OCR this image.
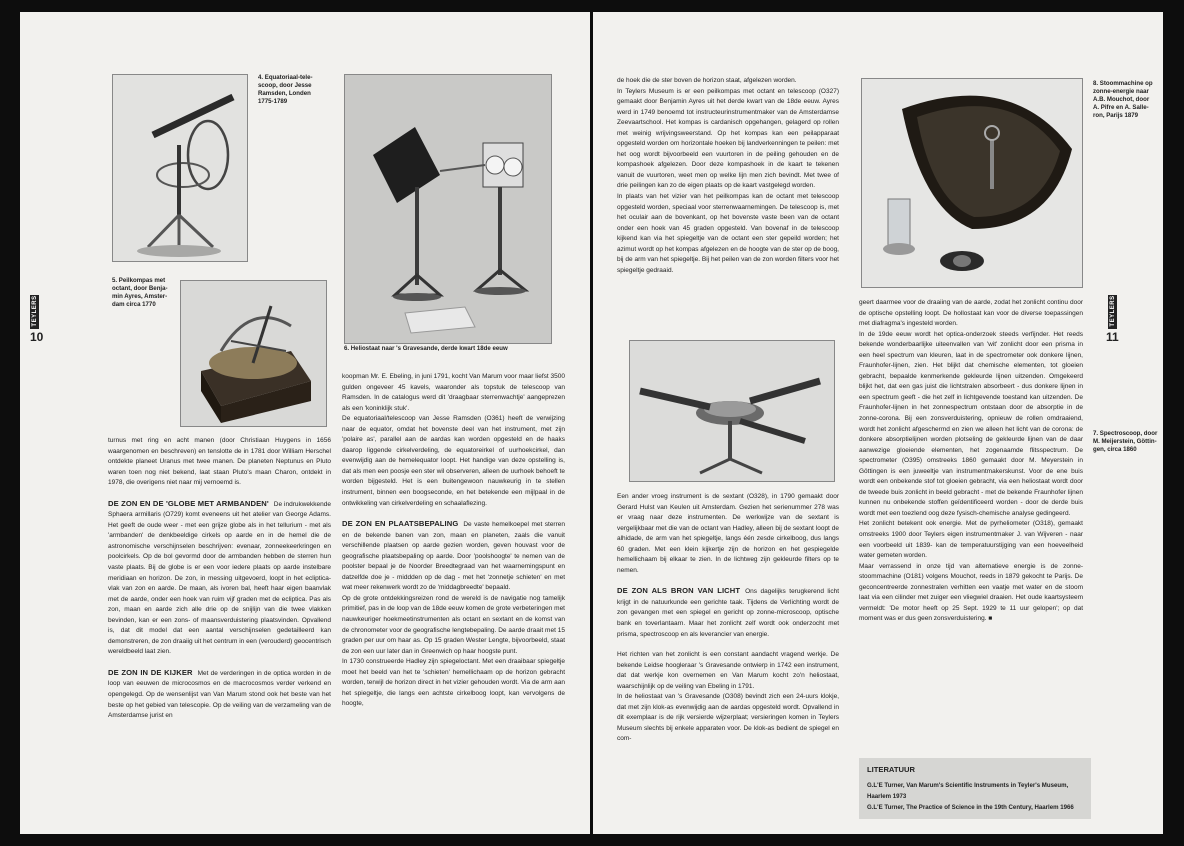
4. Equatoriaal-tele-
scoop, door Jesse
Ramsden, Londen
1775-1789
5. Peilkompas met
octant, door Benja-
min Ayres, Amster-
dam circa 1770
6. Heliostaat naar 's Gravesande, derde kwart 18de eeuw
TEYLERS
10

turnus met ring en acht manen (door Christiaan Huygens in 1656 waargenomen en beschreven) en tenslotte de in 1781 door William Herschel ontdekte planeet Uranus met twee manen. De planeten Neptunus en Pluto waren toen nog niet bekend, laat staan Pluto's maan Charon, ontdekt in 1978, die overigens niet naar mij vernoemd is.

DE ZON EN DE 'GLOBE MET ARMBANDEN' De indrukwekkende Sphaera armillaris (O729) komt eveneens uit het atelier van George Adams. Het geeft de oude weer - met een grijze globe als in het tellurium - met als 'armbanden' de denkbeeldige cirkels op aarde en in de hemel die de astronomische verschijnselen beschrijven: evenaar, zonneekeerkringen en poolcirkels. Op de bol gevormd door de armbanden hebben de sterren hun vaste plaats. Bij de globe is er een voor iedere plaats op aarde instelbare meridiaan en horizon. De zon, in messing uitgevoerd, loopt in het ecliptica-vlak van zon en aarde. De maan, als ivoren bal, heeft haar eigen baanvlak met de aarde, onder een hoek van ruim vijf graden met de ecliptica. Pas als zon, maan en aarde zich alle drie op de snijlijn van die twee vlakken bevinden, kan er een zons- of maansverduistering plaatsvinden. Opvallend is, dat dit model dat een aantal verschijnselen gedetailleerd kan demonstreren, de zon draaiig uit het centrum in een (verouderd) geocentrisch wereldbeeld laat zien.

DE ZON IN DE KIJKER Met de verderingen in de optica worden in de loop van eeuwen de microcosmos en de macrocosmos verder verkend en opengelegd. Op de wensenlijst van Van Marum stond ook het beste van het beste op het gebied van telescopie. Op de veiling van de verzameling van de Amsterdamse jurist en

koopman Mr. E. Ebeling, in juni 1791, kocht Van Marum voor maar liefst 3500 gulden ongeveer 45 kavels, waaronder als topstuk de telescoop van Ramsden. In de catalogus werd dit 'draagbaar sterrenwachtje' aangeprezen als een 'koninklijk stuk'.

De equatoriaal/telescoop van Jesse Ramsden (O361) heeft de verwijzing naar de equator, omdat het bovenste deel van het instrument, met zijn 'polaire as', parallel aan de aardas kan worden opgesteld en de haaks daarop liggende cirkelverdeling, de equatoreirkel of uurhoekcirkel, dan evenwijdig aan de hemelequator loopt. Het handige van deze opstelling is, dat als men een poosje een ster wil observeren, alleen de uurhoek behoeft te worden bijgesteld. Het is een buitengewoon nauwkeurig in te stellen instrument, binnen een boogseconde, en het betekende een mijlpaal in de ontwikkeling van cirkelverdeling en schaalaflezing.

DE ZON EN PLAATSBEPALING De vaste hemelkoepel met sterren en de bekende banen van zon, maan en planeten, zaals die vanuit verschillende plaatsen op aarde gezien worden, geven houvast voor de geografische plaatsbepaling op aarde. Door 'poolshoogte' te nemen van de poolster bepaal je de Noorder Breedtegraad van het waarnemingspunt en datzelfde doe je - middden op de dag - met het 'zonnetje schieten' en met wat meer rekenwerk wordt zo de 'middagbreedte' bepaald.

Op de grote ontdekkingsreizen rond de wereld is de navigatie nog tamelijk primitief, pas in de loop van de 18de eeuw komen de grote verbeteringen met nauwkeuriger hoekmeetinstrumenten als octant en sextant en de komst van de chronometer voor de geografische lengtebepaling. De aarde draait met 15 graden per uur om haar as. Op 15 graden Wester Lengte, bijvoorbeeld, staat de zon een uur later dan in Greenwich op haar hoogste punt.

In 1730 construeerde Hadley zijn spiegeloctant. Met een draaibaar spiegeltje moet het beeld van het te 'schieten' hemellichaam op de horizon gebracht worden, terwijl de horizon direct in het vizier gehouden wordt. Via de arm aan het spiegeltje, die langs een achtste cirkelboog loopt, kan vervolgens de hoogte,

de hoek die de ster boven de horizon staat, afgelezen worden.

In Teylers Museum is er een peilkompas met octant en telescoop (O327) gemaakt door Benjamin Ayres uit het derde kwart van de 18de eeuw. Ayres werd in 1749 benoemd tot instructeurinstrumentmaker van de Amsterdamse Zeevaartschool. Het kompas is cardanisch opgehangen, gelagerd op rollen met weinig wrijvingsweerstand. Op het kompas kan een peilapparaat opgesteld worden om horizontale hoeken bij landverkenningen te peilen: met het oog wordt bijvoorbeeld een vuurtoren in de peiling gehouden en de kompashoek afgelezen. Door deze kompashoek in de kaart te tekenen vanuit de vuurtoren, weet men op welke lijn men zich bevindt. Met twee of drie peilingen kan zo de eigen plaats op de kaart vastgelegd worden.

In plaats van het vizier van het peilkompas kan de octant met telescoop opgesteld worden, speciaal voor sterrenwaarnemingen. De telescoop is, met het oculair aan de bovenkant, op het bovenste vaste been van de octant onder een hoek van 45 graden opgesteld. Van bovenaf in de telescoop kijkend kan via het spiegeltje van de octant een ster gepeild worden; het azimut wordt op het kompas afgelezen en de hoogte van de ster op de boog, bij de arm van het spiegeltje. Bij het peilen van de zon worden filters voor het spiegeltje gedraaid.

Een ander vroeg instrument is de sextant (O328), in 1790 gemaakt door Gerard Hulst van Keulen uit Amsterdam. Gezien het serienummer 278 was er vraag naar deze instrumenten. De werkwijze van de sextant is vergelijkbaar met die van de octant van Hadley, alleen bij de sextant loopt de alhidade, de arm van het spiegeltje, langs één zesde cirkelboog, dus langs 60 graden. Met een klein kijkertje zijn de horizon en het gespiegelde hemellichaam bij elkaar te zien. In de lichtweg zijn gekleurde filters op te nemen.

DE ZON ALS BRON VAN LICHT Ons dagelijks terugkerend licht krijgt in de natuurkunde een gerichte taak. Tijdens de Verlichting wordt de zon gevangen met een spiegel en gericht op zonne-microscoop, optische bank en toverlantaarn. Maar het zonlicht zelf wordt ook onderzocht met prisma, spectroscoop en als leverancier van energie.

Het richten van het zonlicht is een constant aandacht vragend werkje. De bekende Leidse hoogleraar 's Gravesande ontwierp in 1742 een instrument, dat dat werkje kon overnemen en Van Marum kocht zo'n heliostaat, waarschijnlijk op de veiling van Ebeling in 1791.

In de heliostaat van 's Gravesande (O308) bevindt zich een 24-uurs klokje, dat met zijn klok-as evenwijdig aan de aardas opgesteld wordt. Opvallend in dit exemplaar is de rijk versierde wijzerplaat; versieringen komen in Teylers Museum slechts bij enkele apparaten voor. De klok-as bedient de spiegel en com-

8. Stoommachine op
zonne-energie naar
A.B. Mouchot, door
A. Pifre en A. Salle-
ron, Parijs 1879
TEYLERS
11
7. Spectroscoop, door
M. Meijerstein, Göttin-
gen, circa 1860

geert daarmee voor de draaiing van de aarde, zodat het zonlicht continu door de optische opstelling loopt. De hollostaat kan voor de diverse toepassingen met diafragma's ingesteld worden.

In de 19de eeuw wordt het optica-onderzoek steeds verfijnder. Het reeds bekende wonderbaarlijke uiteenvallen van 'wit' zonlicht door een prisma in een heel spectrum van kleuren, laat in de spectrometer ook donkere lijnen, Fraunhofer-lijnen, zien. Het blijkt dat chemische elementen, tot gloeien gebracht, bepaalde kenmerkende gekleurde lijnen uitzenden. Omgekeerd blijkt het, dat een gas juist die lichtstralen absorbeert - dus donkere lijnen in een spectrum geeft - die het zelf in lichtgevende toestand kan uitzenden. De Fraunhofer-lijnen in het zonnespectrum ontstaan door de absorptie in de zonne-corona. Bij een zonsverduistering, opnieuw de rollen omdraaiend, wordt het zonlicht afgeschermd en zien we alleen het licht van de corona: de donkere absorptielijnen worden plotseling de gekleurde lijnen van de daar aanwezige gloeiende elementen, het zogenaamde flitsspectrum. De spectrometer (O395) omstreeks 1860 gemaakt door M. Meyerstein in Göttingen is een juweeltje van instrumentmakerskunst. Voor de ene buis wordt een onbekende stof tot gloeien gebracht, via een heliostaat wordt door de tweede buis zonlicht in beeld gebracht - met de bekende Fraunhofer lijnen kunnen nu onbekende stoffen geïdentificeerd worden - door de derde buis wordt met een toezlend oog deze fysisch-chemische analyse gedingeerd.

Het zonlicht betekent ook energie. Met de pyrheliometer (O318), gemaakt omstreeks 1900 door Teylers eigen instrumentmaker J. van Wijveren - naar een voorbeeld uit 1839- kan de temperatuurstijging van een hoeveelheid water gemeten worden.

Maar verrassend in onze tijd van alternatieve energie is de zonne-stoommachine (O181) volgens Mouchot, reeds in 1879 gekocht te Parijs. De geconcentreerde zonnestralen verhitten een vaatje met water en de stoom laat via een cilinder met zuiger een vliegwiel draaien. Het oude kaartsysteem vermeldt: 'De motor heeft op 25 Sept. 1929 te 11 uur gelopen'; op dat moment was er dus geen zonsverduistering. ■

LITERATUUR
G.L'E Turner, Van Marum's Scientific Instruments in Teyler's Museum, Haarlem 1973
G.L'E Turner, The Practice of Science in the 19th Century, Haarlem 1966
